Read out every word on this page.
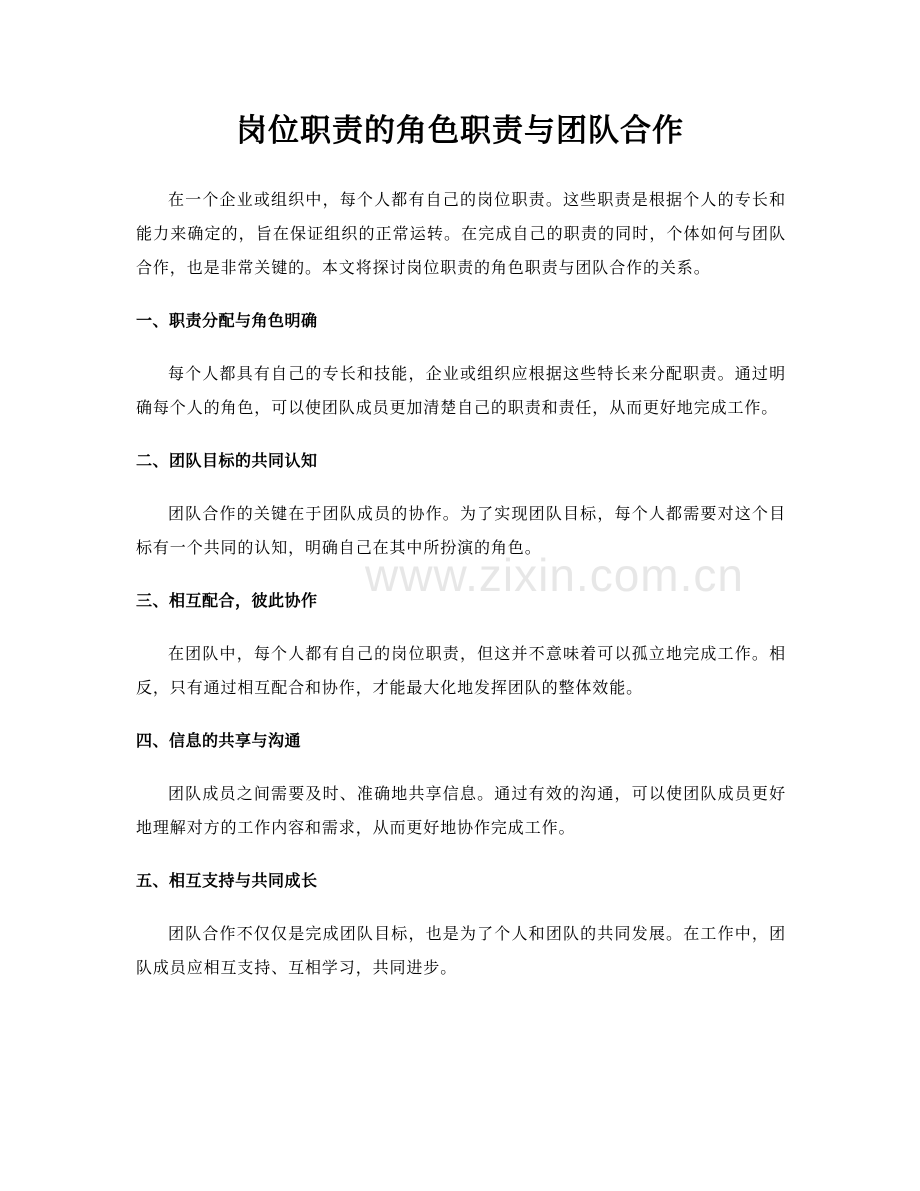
岗位职责的角色职责与团队合作

在一个企业或组织中，每个人都有自己的岗位职责。这些职责是根据个人的专长和能力来确定的，旨在保证组织的正常运转。在完成自己的职责的同时，个体如何与团队合作，也是非常关键的。本文将探讨岗位职责的角色职责与团队合作的关系。

一、职责分配与角色明确

每个人都具有自己的专长和技能，企业或组织应根据这些特长来分配职责。通过明确每个人的角色，可以使团队成员更加清楚自己的职责和责任，从而更好地完成工作。

二、团队目标的共同认知

团队合作的关键在于团队成员的协作。为了实现团队目标，每个人都需要对这个目标有一个共同的认知，明确自己在其中所扮演的角色。

三、相互配合，彼此协作

在团队中，每个人都有自己的岗位职责，但这并不意味着可以孤立地完成工作。相反，只有通过相互配合和协作，才能最大化地发挥团队的整体效能。

四、信息的共享与沟通

团队成员之间需要及时、准确地共享信息。通过有效的沟通，可以使团队成员更好地理解对方的工作内容和需求，从而更好地协作完成工作。

五、相互支持与共同成长

团队合作不仅仅是完成团队目标，也是为了个人和团队的共同发展。在工作中，团队成员应相互支持、互相学习，共同进步。

www.zixin.com.cn
